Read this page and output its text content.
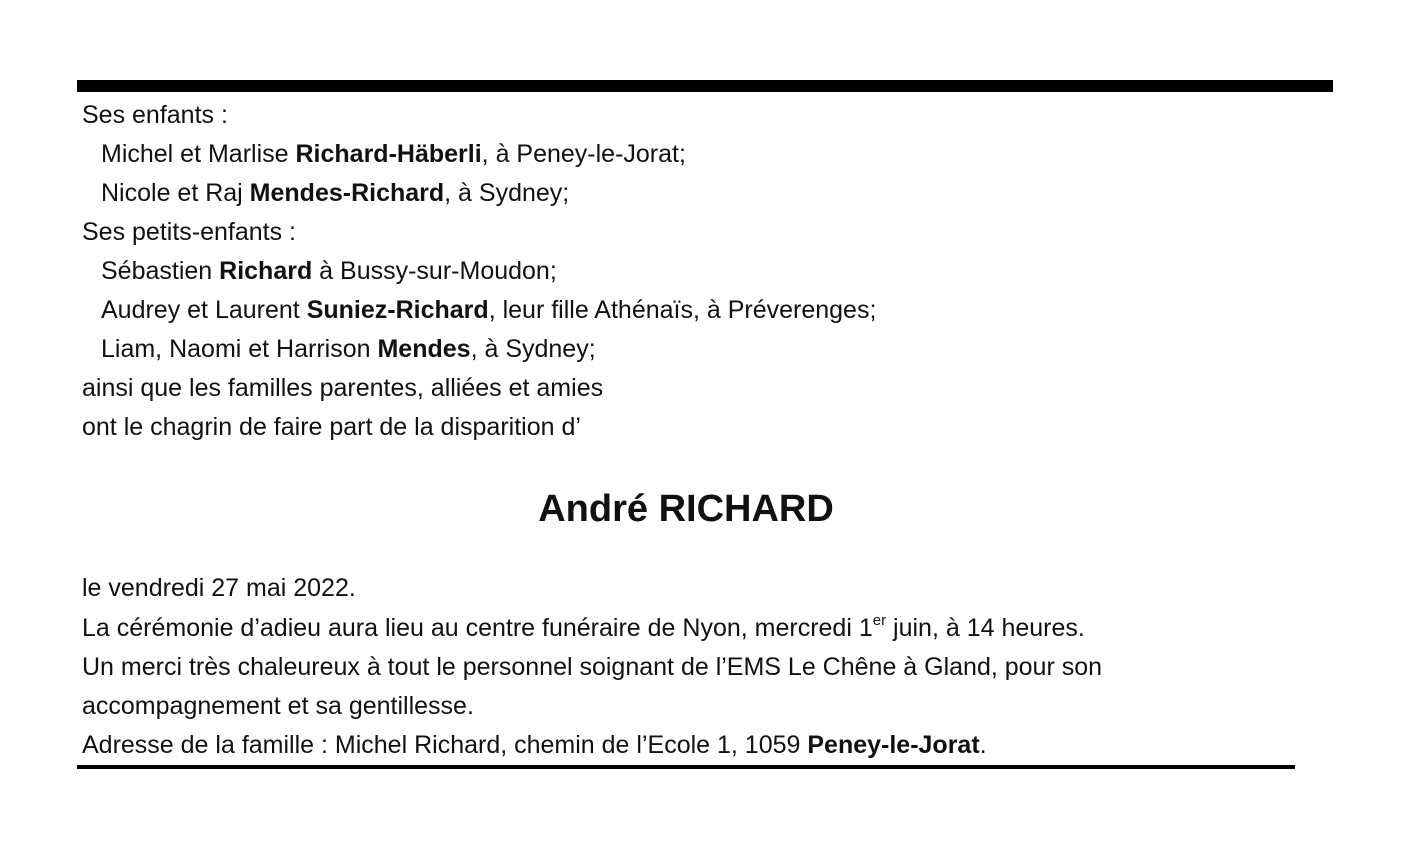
Ses enfants :
Michel et Marlise Richard-Häberli, à Peney-le-Jorat;
Nicole et Raj Mendes-Richard, à Sydney;
Ses petits-enfants :
Sébastien Richard à Bussy-sur-Moudon;
Audrey et Laurent Suniez-Richard, leur fille Athénaïs, à Préverenges;
Liam, Naomi et Harrison Mendes, à Sydney;
ainsi que les familles parentes, alliées et amies
ont le chagrin de faire part de la disparition d’
André RICHARD
le vendredi 27 mai 2022.
La cérémonie d’adieu aura lieu au centre funéraire de Nyon, mercredi 1er juin, à 14 heures.
Un merci très chaleureux à tout le personnel soignant de l’EMS Le Chêne à Gland, pour son
accompagnement et sa gentillesse.
Adresse de la famille : Michel Richard, chemin de l’Ecole 1, 1059 Peney-le-Jorat.
